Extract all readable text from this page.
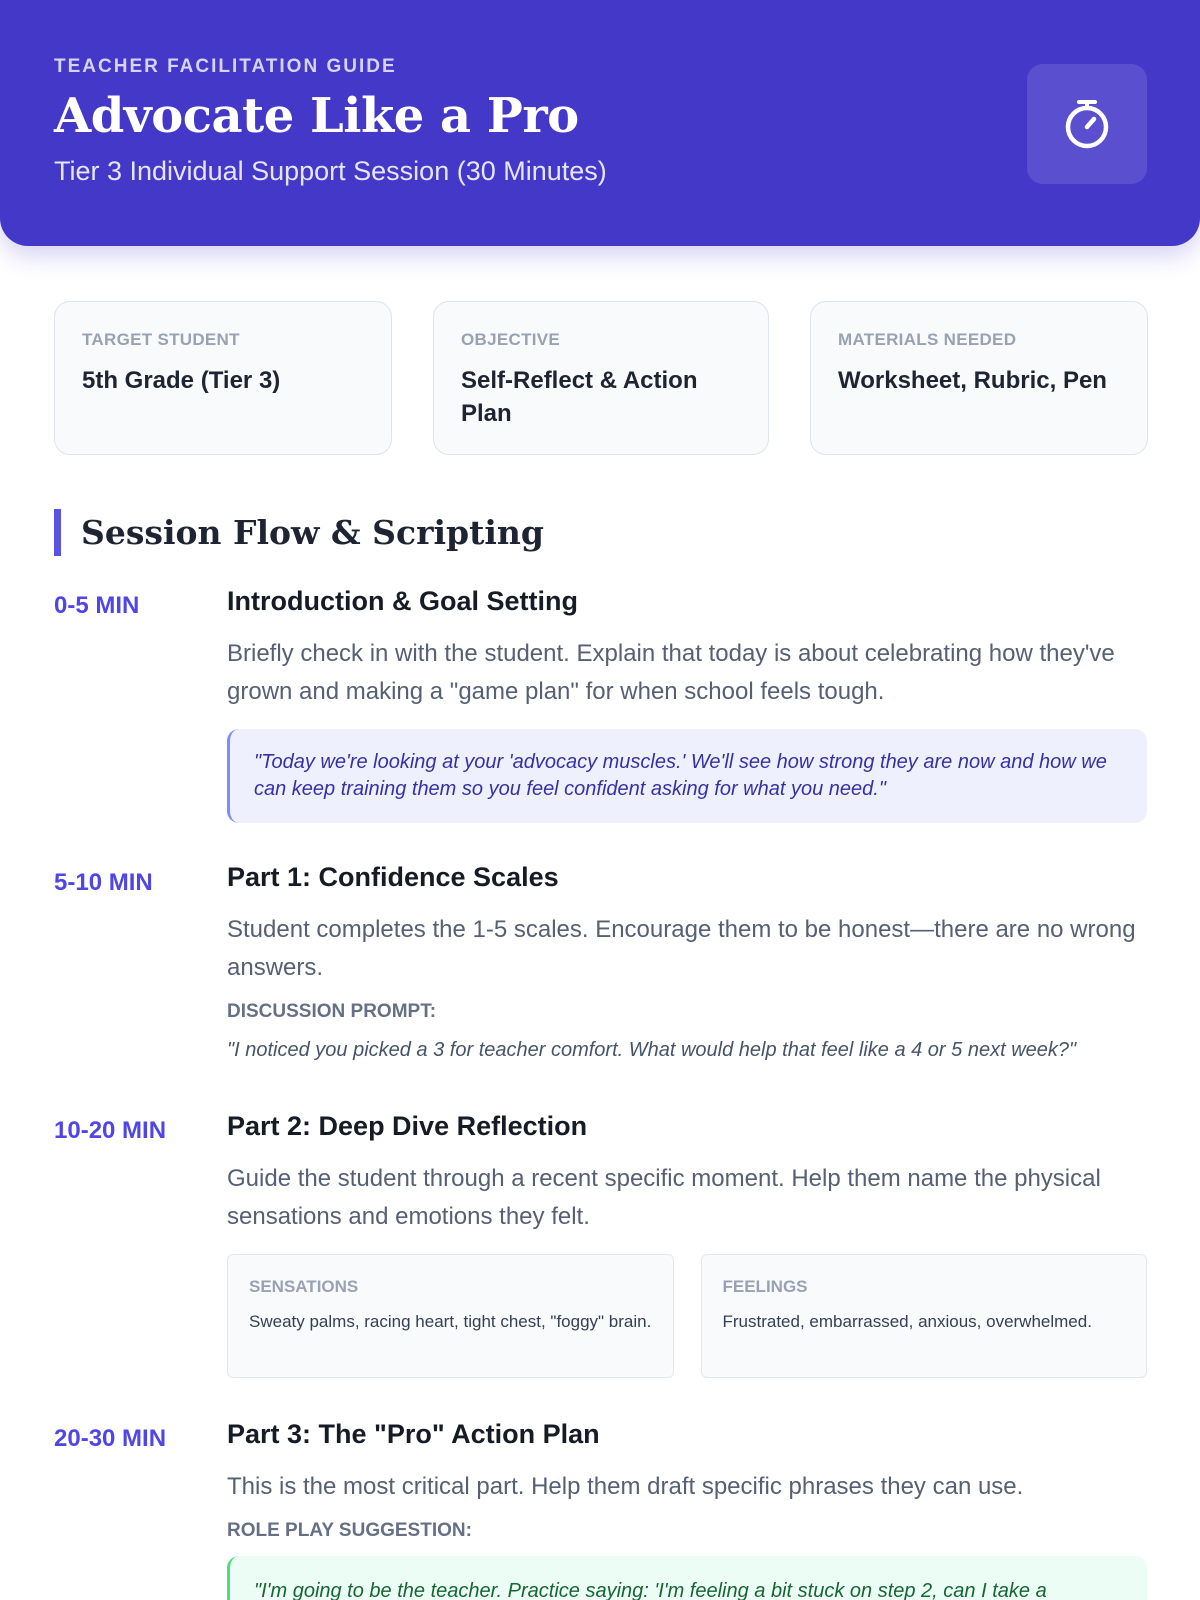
TEACHER FACILITATION GUIDE
Advocate Like a Pro
Tier 3 Individual Support Session (30 Minutes)
TARGET STUDENT
5th Grade (Tier 3)
OBJECTIVE
Self-Reflect & Action Plan
MATERIALS NEEDED
Worksheet, Rubric, Pen
Session Flow & Scripting
0-5 MIN	Introduction & Goal Setting
Briefly check in with the student. Explain that today is about celebrating how they've grown and making a "game plan" for when school feels tough.
"Today we're looking at your 'advocacy muscles.' We'll see how strong they are now and how we can keep training them so you feel confident asking for what you need."
5-10 MIN	Part 1: Confidence Scales
Student completes the 1-5 scales. Encourage them to be honest—there are no wrong answers.
DISCUSSION PROMPT:
"I noticed you picked a 3 for teacher comfort. What would help that feel like a 4 or 5 next week?"
10-20 MIN Part 2: Deep Dive Reflection
Guide the student through a recent specific moment. Help them name the physical sensations and emotions they felt.
SENSATIONS
Sweaty palms, racing heart, tight chest, "foggy" brain.
FEELINGS
Frustrated, embarrassed, anxious, overwhelmed.
20-30 MIN Part 3: The "Pro" Action Plan
This is the most critical part. Help them draft specific phrases they can use.
ROLE PLAY SUGGESTION:
"I'm going to be the teacher. Practice saying: 'I'm feeling a bit stuck on step 2, can I take a
